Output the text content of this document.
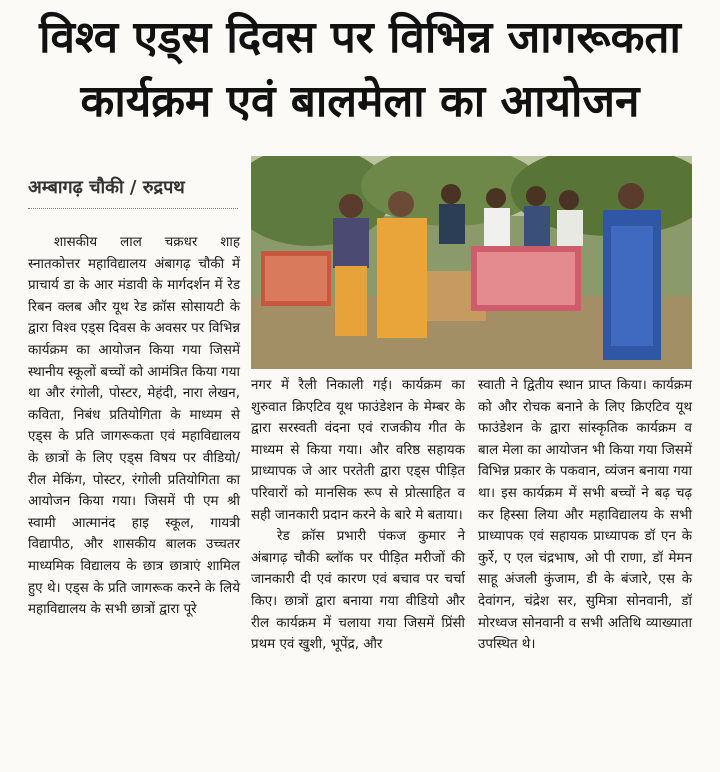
विश्व एड्स दिवस पर विभिन्न जागरूकता
कार्यक्रम एवं बालमेला का आयोजन
अम्बागढ़ चौकी / रुद्रपथ

शासकीय लाल चक्रधर शाह स्नातकोत्तर महाविद्यालय अंबागढ़ चौकी में प्राचार्य डा के आर मंडावी के मार्गदर्शन में रेड रिबन क्लब और यूथ रेड क्रॉस सोसायटी के द्वारा विश्व एड्स दिवस के अवसर पर विभिन्न कार्यक्रम का आयोजन किया गया जिसमें स्थानीय स्कूलों बच्चों को आमंत्रित किया गया था और रंगोली, पोस्टर, मेहंदी, नारा लेखन, कविता, निबंध प्रतियोगिता के माध्यम से एड्स के प्रति जागरूकता एवं महाविद्यालय के छात्रों के लिए एड्स विषय पर वीडियो/रील मेकिंग, पोस्टर, रंगोली प्रतियोगिता का आयोजन किया गया। जिसमें पी एम श्री स्वामी आत्मानंद हाइ स्कूल, गायत्री विद्यापीठ, और शासकीय बालक उच्चतर माध्यमिक विद्यालय के छात्र छात्राएं शामिल हुए थे। एड्स के प्रति जागरूक करने के लिये महाविद्यालय के सभी छात्रों द्वारा पूरे

नगर में रैली निकाली गई। कार्यक्रम का शुरुवात क्रिएटिव यूथ फाउंडेशन के मेम्बर के द्वारा सरस्वती वंदना एवं राजकीय गीत के माध्यम से किया गया। और वरिष्ठ सहायक प्राध्यापक जे आर परतेती द्वारा एड्स पीड़ित परिवारों को मानसिक रूप से प्रोत्साहित व सही जानकारी प्रदान करने के बारे मे बताया।

रेड क्रॉस प्रभारी पंकज कुमार ने अंबागढ़ चौकी ब्लॉक पर पीड़ित मरीजों की जानकारी दी एवं कारण एवं बचाव पर चर्चा किए। छात्रों द्वारा बनाया गया वीडियो और रील कार्यक्रम में चलाया गया जिसमें प्रिंसी प्रथम एवं खुशी, भूपेंद्र, और

स्वाती ने द्वितीय स्थान प्राप्त किया। कार्यक्रम को और रोचक बनाने के लिए क्रिएटिव यूथ फाउंडेशन के द्वारा सांस्कृतिक कार्यक्रम व बाल मेला का आयोजन भी किया गया जिसमें विभिन्न प्रकार के पकवान, व्यंजन बनाया गया था। इस कार्यक्रम में सभी बच्चों ने बढ़ चढ़ कर हिस्सा लिया और महाविद्यालय के सभी प्राध्यापक एवं सहायक प्राध्यापक डॉ एन के कुर्रे, ए एल चंद्रभाष, ओ पी राणा, डॉ मेमन साहू अंजली कुंजाम, डी के बंजारे, एस के देवांगन, चंद्रेश सर, सुमित्रा सोनवानी, डॉ मोरध्वज सोनवानी व सभी अतिथि व्याख्याता उपस्थित थे।
